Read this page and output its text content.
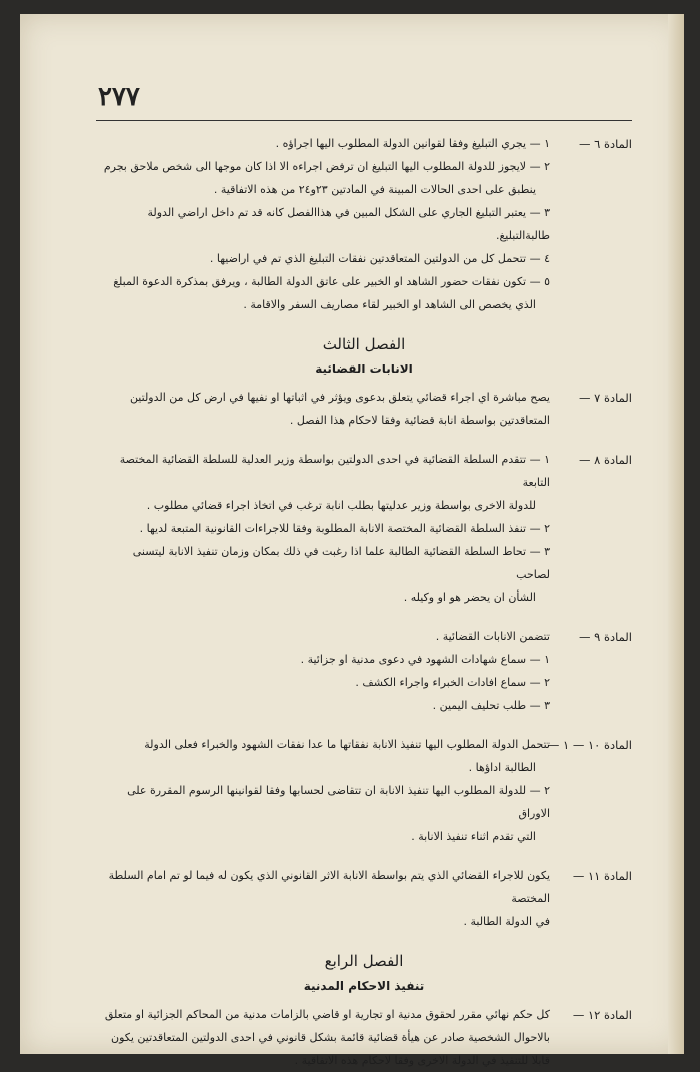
٢٧٧
المادة ٦ —
١ — يجري التبليغ وفقا لقوانين الدولة المطلوب اليها اجراؤه .
٢ — لايجوز للدولة المطلوب اليها التبليغ ان ترفض اجراءه الا اذا كان موجها الى شخص ملاحق بجرم
ينطبق على احدى الحالات المبينة في المادتين ٢٣و٢٤ من هذه الاتفاقية .
٣ — يعتبر التبليغ الجاري على الشكل المبين في هذاالفصل كانه قد تم داخل اراضي الدولة طالبةالتبليغ.
٤ — تتحمل كل من الدولتين المتعاقدتين نفقات التبليغ الذي تم في اراضيها .
٥ — تكون نفقات حضور الشاهد او الخبير على عاتق الدولة الطالبة ، ويرفق بمذكرة الدعوة المبلغ
الذي يخصص الى الشاهد او الخبير لقاء مصاريف السفر والاقامة .
الفصل الثالث
الانابات القضائية
المادة ٧ —
يصح مباشرة اي اجراء قضائي يتعلق بدعوى ويؤثر في اثباتها او نفيها في ارض كل من الدولتين
المتعاقدتين بواسطة انابة قضائية وفقا لاحكام هذا الفصل .
المادة ٨ —
١ — تتقدم السلطة القضائية في احدى الدولتين بواسطة وزير العدلية للسلطة القضائية المختصة التابعة
للدولة الاخرى بواسطة وزير عدليتها بطلب انابة ترغب في اتخاذ اجراء قضائي مطلوب .
٢ — تنفذ السلطة القضائية المختصة الانابة المطلوبة وفقا للاجراءات القانونية المتبعة لديها .
٣ — تحاط السلطة القضائية الطالبة علما اذا رغبت في ذلك بمكان وزمان تنفيذ الانابة ليتسنى لصاحب
الشأن ان يحضر هو او وكيله .
المادة ٩ —
تتضمن الانابات القضائية .
١ — سماع شهادات الشهود في دعوى مدنية او جزائية .
٢ — سماع افادات الخبراء واجراء الكشف .
٣ — طلب تحليف اليمين .
المادة ١٠ — ١ —
تتحمل الدولة المطلوب اليها تنفيذ الانابة نفقاتها ما عدا نفقات الشهود والخبراء فعلى الدولة
الطالبة اداؤها .
٢ — للدولة المطلوب اليها تنفيذ الانابة ان تتقاضى لحسابها وفقا لقوانينها الرسوم المقررة على الاوراق
التي تقدم اثناء تنفيذ الانابة .
المادة ١١ —
يكون للاجراء القضائي الذي يتم بواسطة الانابة الاثر القانوني الذي يكون له فيما لو تم امام السلطة المختصة
في الدولة الطالبة .
الفصل الرابع
تنفيذ الاحكام المدنية
المادة ١٢ —
كل حكم نهائي مقرر لحقوق مدنية او تجارية او قاضي بالزامات مدنية من المحاكم الجزائية او متعلق
بالاحوال الشخصية صادر عن هيأة قضائية قائمة بشكل قانوني في احدى الدولتين المتعاقدتين يكون
قابلا للتنفيذ في الدولة الاخرى وفقا لاحكام هذه الاتفاقية .
